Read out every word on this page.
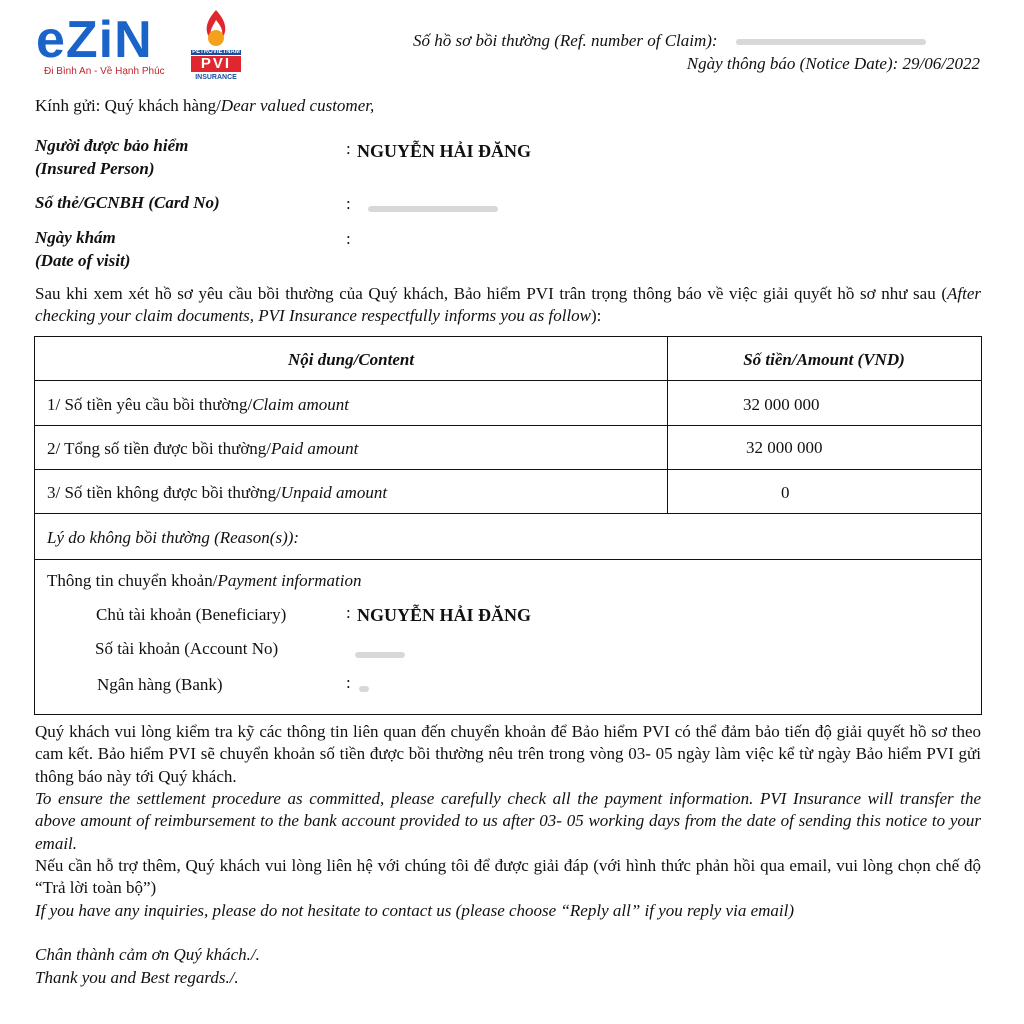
eZiN
Đi Bình An - Về Hạnh Phúc
PETROVIETNAM
PVI
INSURANCE
Số hồ sơ bồi thường (Ref. number of Claim):
Ngày thông báo (Notice Date): 29/06/2022
Kính gửi: Quý khách hàng/Dear valued customer,
Người được bảo hiểm
(Insured Person)
: NGUYỄN HẢI ĐĂNG
Số thẻ/GCNBH (Card No)	:
Ngày khám
(Date of visit)
:
Sau khi xem xét hồ sơ yêu cầu bồi thường của Quý khách, Bảo hiểm PVI trân trọng thông báo về việc giải quyết hồ sơ như sau (After checking your claim documents, PVI Insurance respectfully informs you as follow):
Nội dung/Content	Số tiền/Amount (VND)
1/ Số tiền yêu cầu bồi thường/Claim amount	32 000 000
2/ Tổng số tiền được bồi thường/Paid amount	32 000 000
3/ Số tiền không được bồi thường/Unpaid amount	0
Lý do không bồi thường (Reason(s)):
Thông tin chuyển khoản/Payment information
Chủ tài khoản (Beneficiary)	: NGUYỄN HẢI ĐĂNG
Số tài khoản (Account No)
Ngân hàng (Bank)	:
Quý khách vui lòng kiểm tra kỹ các thông tin liên quan đến chuyển khoản để Bảo hiểm PVI có thể đảm bảo tiến độ giải quyết hồ sơ theo cam kết. Bảo hiểm PVI sẽ chuyển khoản số tiền được bồi thường nêu trên trong vòng 03- 05 ngày làm việc kể từ ngày Bảo hiểm PVI gửi thông báo này tới Quý khách.
To ensure the settlement procedure as committed, please carefully check all the payment information. PVI Insurance will transfer the above amount of reimbursement to the bank account provided to us after 03- 05 working days from the date of sending this notice to your email.
Nếu cần hỗ trợ thêm, Quý khách vui lòng liên hệ với chúng tôi để được giải đáp (với hình thức phản hồi qua email, vui lòng chọn chế độ “Trả lời toàn bộ”)
If you have any inquiries, please do not hesitate to contact us (please choose “Reply all” if you reply via email)
Chân thành cảm ơn Quý khách./.
Thank you and Best regards./.
